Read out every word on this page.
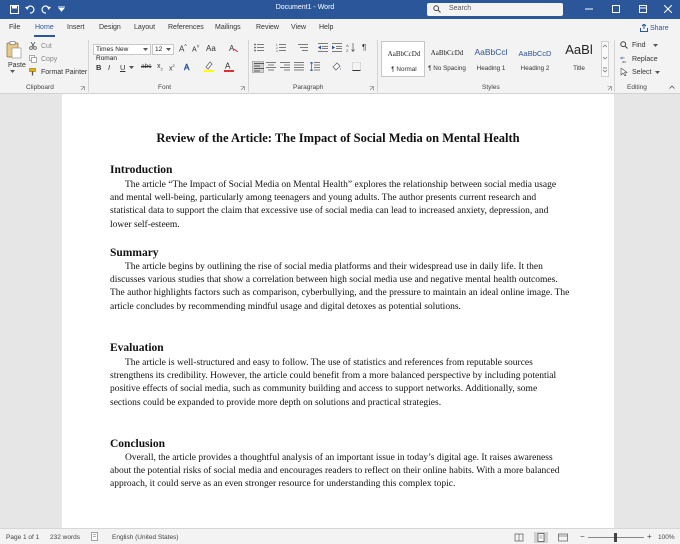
Document1 - Word	Search
File Home Insert Design Layout References Mailings Review View Help	Share
Paste
Cut
Copy
Format Painter
Clipboard
Times New Roman
12	A^ A˅ Aa A
B I U abc $x_2$ $x^2$ A	A
Font
1
2
3
A
Z ¶
Paragraph
AaBbCcDd
¶ Normal
AaBbCcDd
¶ No Spacing
AaBbCcl
Heading 1
AaBbCcD
Heading 2
AaBl
Title
Styles
Find
ab
ac Replace
Select
Editing
Review of the Article: The Impact of Social Media on Mental Health
Introduction
The article “The Impact of Social Media on Mental Health” explores the relationship between social media usage and mental well-being, particularly among teenagers and young adults. The author presents current research and statistical data to support the claim that excessive use of social media can lead to increased anxiety, depression, and lower self-esteem.
Summary
The article begins by outlining the rise of social media platforms and their widespread use in daily life. It then discusses various studies that show a correlation between high social media use and negative mental health outcomes. The author highlights factors such as comparison, cyberbullying, and the pressure to maintain an ideal online image. The article concludes by recommending mindful usage and digital detoxes as potential solutions.
Evaluation
The article is well-structured and easy to follow. The use of statistics and references from reputable sources strengthens its credibility. However, the article could benefit from a more balanced perspective by including potential positive effects of social media, such as community building and access to support networks. Additionally, some sections could be expanded to provide more depth on solutions and practical strategies.
Conclusion
Overall, the article provides a thoughtful analysis of an important issue in today’s digital age. It raises awareness about the potential risks of social media and encourages readers to reflect on their online habits. With a more balanced approach, it could serve as an even stronger resource for understanding this complex topic.
Page 1 of 1 232 words	English (United States)	−	+ 100%
